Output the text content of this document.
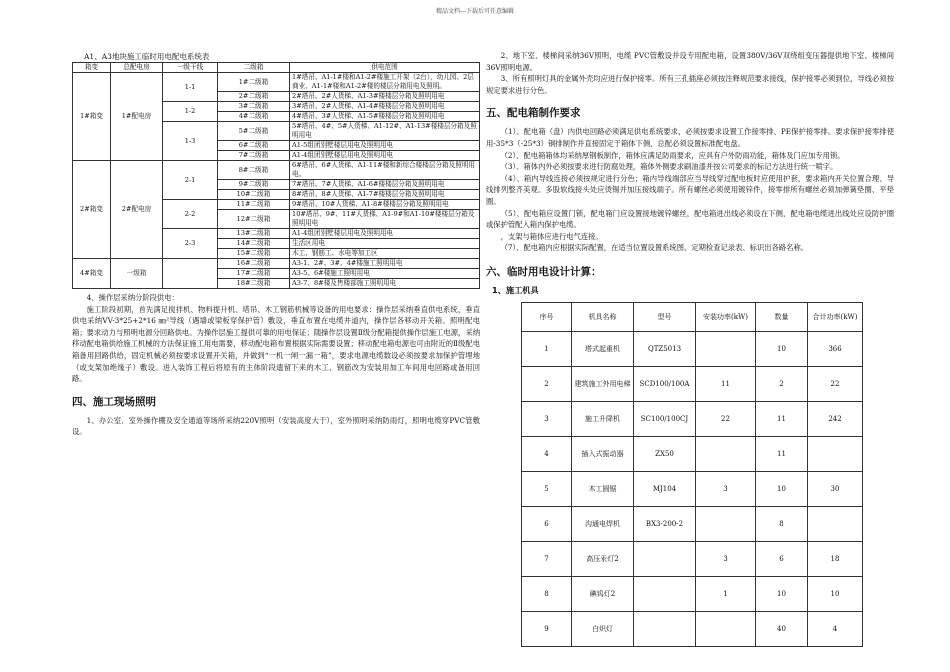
精品文档---下载后可任意编辑
A1、A3地块施工临时用电配电系统表
箱变	总配电房	一级干线	二级箱	供电范围
1#箱变	1#配电房	1-1	1#二级箱	1#塔吊、A1-1#楼和A1-2#楼施工开架（2台），幼儿园、2层商业、A1-1#楼和A1-2#楼的楼层分箱用电及照明。
			2#二级箱	2#塔吊、2#人货梯、A1-3#楼楼层分箱及照明用电
		1-2	3#二级箱	3#塔吊、2#人货梯、A1-4#楼楼层分箱及照明用电
			4#二级箱	4#塔吊、3#人货梯、A1-5#楼楼层分箱及照明用电
		1-3	5#二级箱	5#塔吊、4#、5#人货梯、A1-12#、A1-13#楼楼层分箱及照明用电
			6#二级箱	A1-5组团别墅楼层用电及照明用电
			7#二级箱	A1-4组团别墅楼层用电及照明用电
2#箱变	2#配电房	2-1	8#二级箱	6#塔吊、6#人货梯、A1-11#楼和新综合楼楼层分箱及照明用电。
			9#二级箱	7#塔吊、7#人货梯、A1-6#楼楼层分箱及照明用电
			10#二级箱	8#塔吊、8#人货梯、A1-7#楼楼层分箱及照明用电
		2-2	11#二级箱	9#塔吊、10#人货梯、A1-8#楼楼层分箱及照明用电
			12#二级箱	10#塔吊、9#、11#人货梯、A1-9#和A1-10#楼楼层分箱及照明用电
		2-3	13#二级箱	A1-4组团别墅楼层用电及照明用电
			14#二级箱	生活区用电
			15#二级箱	木工、钢筋工、水电等加工区
4#箱变	一级箱		16#二级箱	A3-1、2#、3#、4#楼施工照明用电
			17#二级箱	A3-5、6#楼施工照明用电
			18#二级箱	A3-7、8#楼及售楼部施工照明用电
4、操作层采纳分阶段供电：
施工阶段初期，首先满足搅拌机、物料提升机、塔吊、木工钢筋机械等设备的用电要求：操作层采纳垂直供电系统，垂直供电采纳VV-3*25+2*16 ㎜²导线（遇墙或梁板穿保护管）敷设，垂直布置在电缆井道内，操作层各移动开关箱、照明配电箱；要求动力与照明电源分回路供电。为操作层施工提供可靠的用电保证；随操作层设置Ⅱ级分配箱提供操作层施工电源，采纳移动配电箱供给施工机械的方法保证施工用电需要，移动配电箱布置根据实际需要设置；移动配电箱电源也可由附近的Ⅱ级配电箱备用回路供给，固定机械必须按要求设置开关箱，并做到“一机一闸一漏一箱”，要求电源电缆数设必须按要求加保护管埋地（或支架加绝缘子）敷设。进入装饰工程后将原有的主体阶段遗留下来的木工、钢筋改为安装用加工车间用电回路或备用回路。
四、施工现场照明
1、办公室、室外操作棚及安全通道等场所采纳220V照明（安装高度大于），室外照明采纳防雨灯，照明电缆穿PVC管敷设。
2、地下室、楼梯间采纳36V照明，电缆 PVC管敷设并设专用配电箱，设置380V/36V双绕组变压器提供地下室、楼梯间36V照明电源。
3、所有照明灯具的金属外壳均应进行保护接零。所有三孔插座必须按注释规范要求接线，保护接零必须到位，导线必须按规定要求进行分色。
五、配电箱制作要求
（1）、配电箱（盘）内供电回路必须满足供电系统要求，必须按要求设置工作接零排、PE保护接零排。要求保护接零排使用-35*3（-25*3）铜排制作并直接固定于箱体下侧，总配必须设置标准配电盘。
（2）、配电箱箱体均采纳厚钢板制作，箱体应满足防雨要求，应具有户外防雨功能，箱体及门应加专用锁。
（3）、箱体内外必须按要求进行防腐处理，箱体外侧要求刷油漆并按公司要求的标记方法进行统一喷字。
（4）、箱内导线连接必须按规定进行分色；箱内导线端部应当导线穿过配电板时应使用护套，要求箱内开关位置合理、导线排列整齐美观。多股软线接头处应烫锡并加压接线端子。所有螺丝必须使用镀锌件，接零排所有螺丝必须加弹簧垫圈、平垫圈。
（5）、配电箱应设置门锁，配电箱门应设置接地镀锌螺丝，配电箱进出线必须设在下侧，配电箱电缆进出线处应设防护圈或保护管配入箱内保护电缆。
，支架与箱体应进行电气连接。
（7）、配电箱内应根据实际配置，在适当位置设置系统图、定期检查记录表、标识出各路名称。
六、临时用电设计计算：
1、施工机具
序号	机具名称	型号	安装功率(kW)	数量	合计功率(kW)
1	塔式起重机	QTZ5013		10	366
2	建筑施工外用电梯	SCD100/100A	11	2	22
3	施工升降机	SC100/100CJ	22	11	242
4	插入式振动器	ZX50		11	
5	木工圆锯	MJ104	3	10	30
6	沟通电焊机	BX3-200-2		8	
7	高压汞灯2		3	6	18
8	碘钨灯2		1	10	10
9	白炽灯			40	4
